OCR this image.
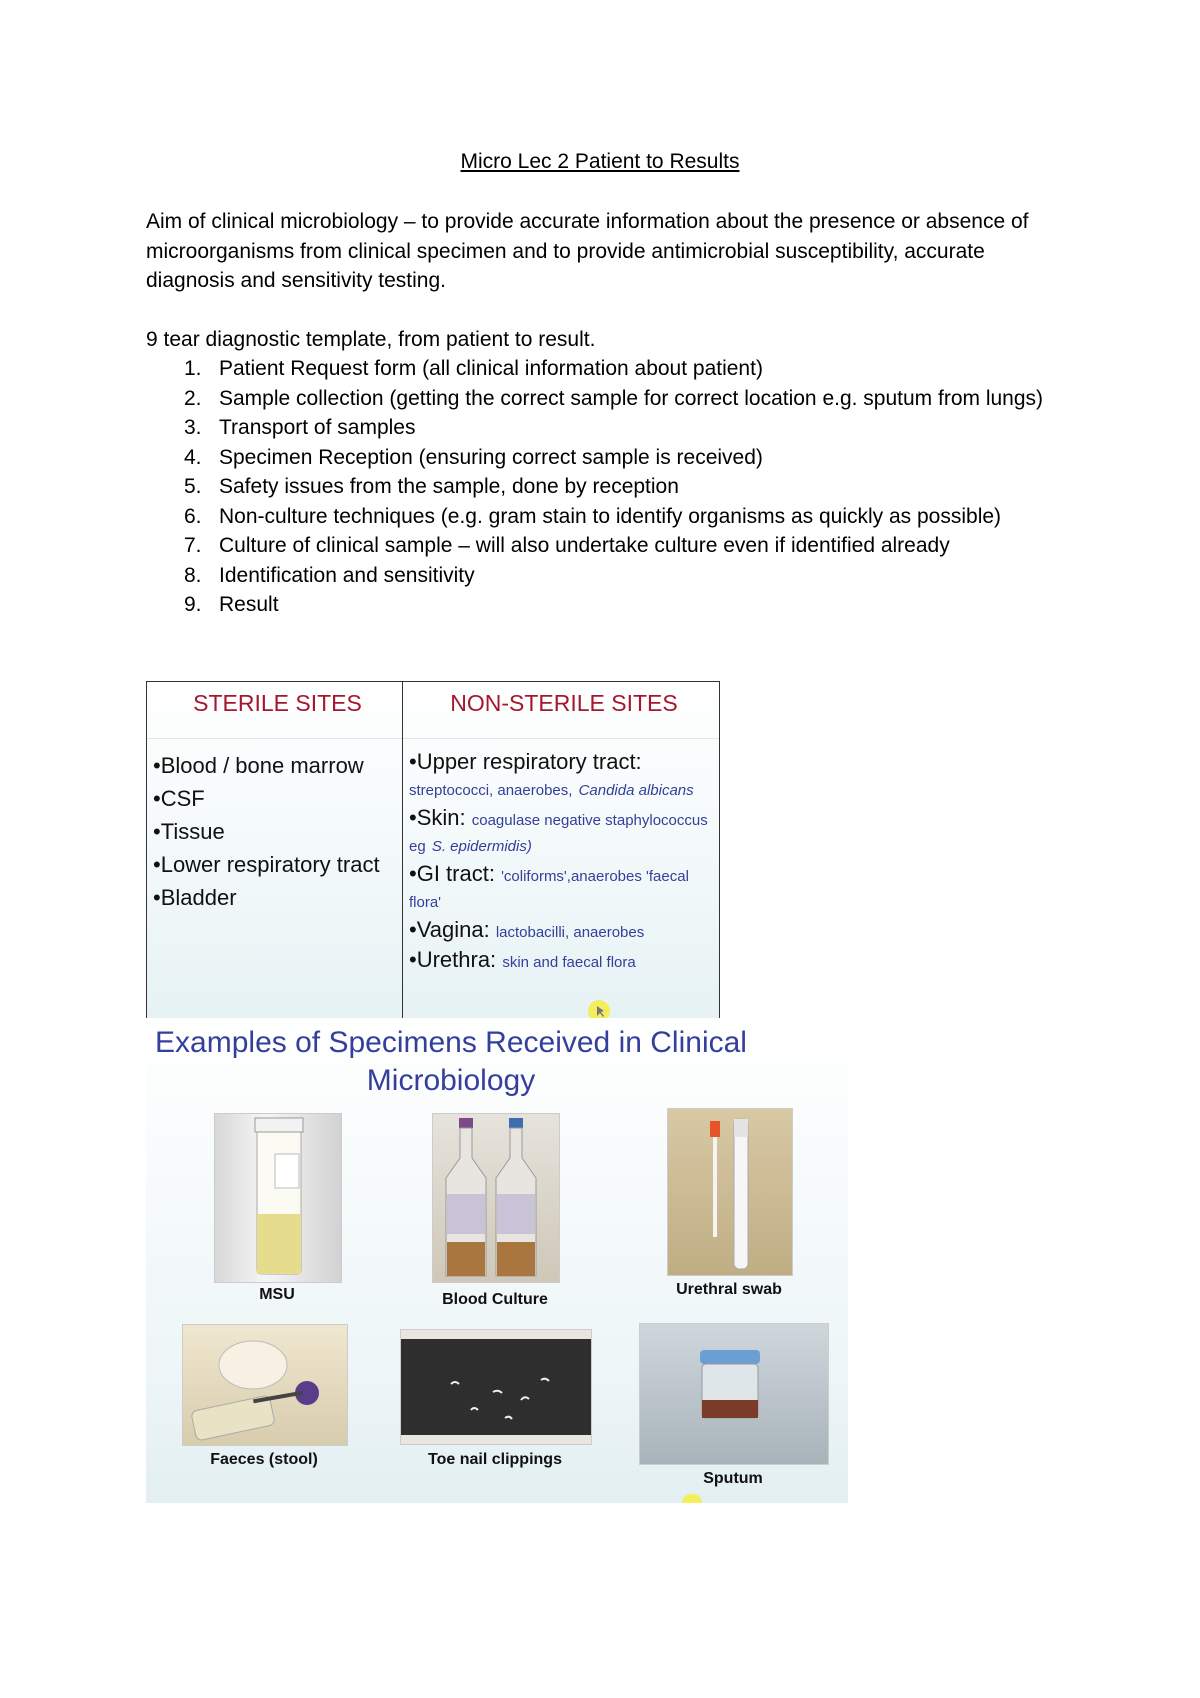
Micro Lec 2 Patient to Results
Aim of clinical microbiology – to provide accurate information about the presence or absence of microorganisms from clinical specimen and to provide antimicrobial susceptibility, accurate diagnosis and sensitivity testing.
9 tear diagnostic template, from patient to result.
1. Patient Request form (all clinical information about patient)
2. Sample collection (getting the correct sample for correct location e.g. sputum from lungs)
3. Transport of samples
4. Specimen Reception (ensuring correct sample is received)
5. Safety issues from the sample, done by reception
6. Non-culture techniques (e.g. gram stain to identify organisms as quickly as possible)
7. Culture of clinical sample – will also undertake culture even if identified already
8. Identification and sensitivity
9. Result
STERILE SITES
•Blood / bone marrow
•CSF
•Tissue
•Lower respiratory tract
•Bladder
NON-STERILE SITES
•Upper respiratory tract:
streptococci, anaerobes, Candida albicans
•Skin: coagulase negative staphylococcus eg S. epidermidis)
•GI tract: 'coliforms',anaerobes 'faecal flora'
•Vagina: lactobacilli, anaerobes
•Urethra: skin and faecal flora
Examples of Specimens Received in Clinical Microbiology
MSU	Blood Culture
Urethral swab
Faeces (stool)	Toe nail clippings
Sputum
